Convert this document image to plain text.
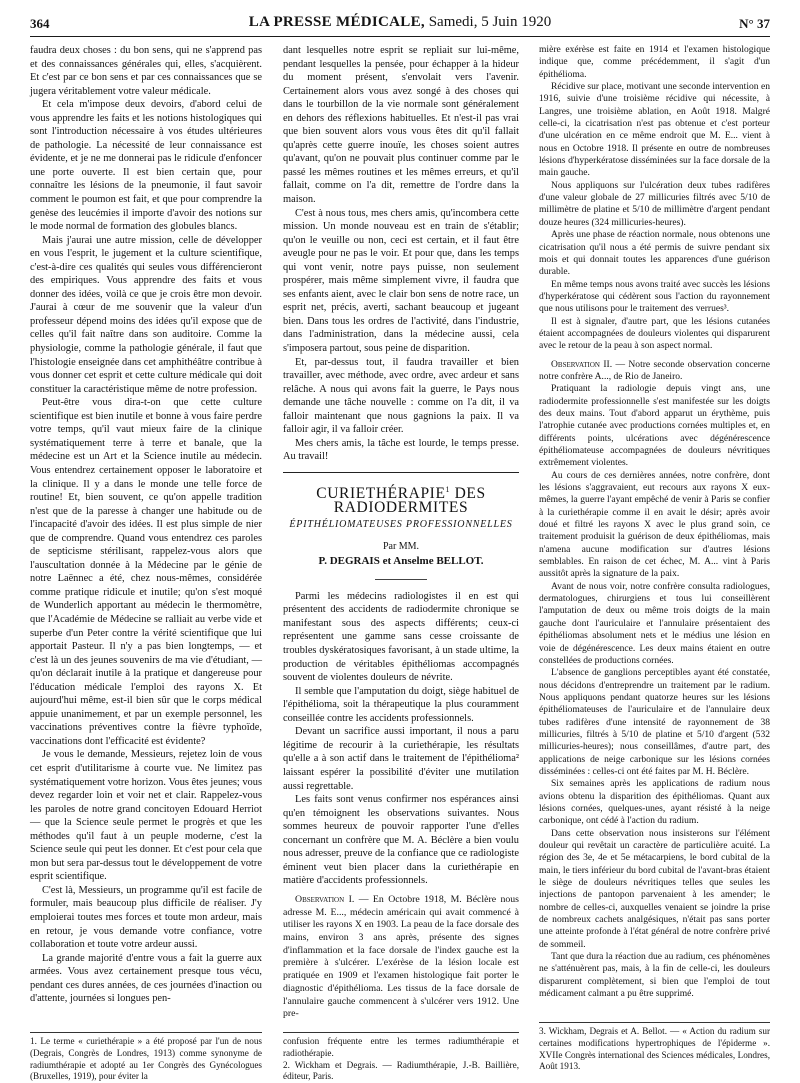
364	LA PRESSE MÉDICALE, Samedi, 5 Juin 1920	N° 37

faudra deux choses : du bon sens, qui ne s'apprend pas et des connaissances générales qui, elles, s'acquièrent. Et c'est par ce bon sens et par ces connaissances que se jugera véritablement votre valeur médicale.

Et cela m'impose deux devoirs, d'abord celui de vous apprendre les faits et les notions histologiques qui sont l'introduction nécessaire à vos études ultérieures de pathologie. La nécessité de leur connaissance est évidente, et je ne me donnerai pas le ridicule d'enfoncer une porte ouverte. Il est bien certain que, pour connaître les lésions de la pneumonie, il faut savoir comment le poumon est fait, et que pour comprendre la genèse des leucémies il importe d'avoir des notions sur le mode normal de formation des globules blancs.

Mais j'aurai une autre mission, celle de développer en vous l'esprit, le jugement et la culture scientifique, c'est-à-dire ces qualités qui seules vous différencieront des empiriques. Vous apprendre des faits et vous donner des idées, voilà ce que je crois être mon devoir. J'aurai à cœur de me souvenir que la valeur d'un professeur dépend moins des idées qu'il expose que de celles qu'il fait naître dans son auditoire. Comme la physiologie, comme la pathologie générale, il faut que l'histologie enseignée dans cet amphithéâtre contribue à vous donner cet esprit et cette culture médicale qui doit constituer la caractéristique même de notre profession.

Peut-être vous dira-t-on que cette culture scientifique est bien inutile et bonne à vous faire perdre votre temps, qu'il vaut mieux faire de la clinique systématiquement terre à terre et banale, que la médecine est un Art et la Science inutile au médecin. Vous entendrez certainement opposer le laboratoire et la clinique. Il y a dans le monde une telle force de routine! Et, bien souvent, ce qu'on appelle tradition n'est que de la paresse à changer une habitude ou de l'incapacité d'avoir des idées. Il est plus simple de nier que de comprendre. Quand vous entendrez ces paroles de septicisme stérilisant, rappelez-vous alors que l'auscultation donnée à la Médecine par le génie de notre Laënnec a été, chez nous-mêmes, considérée comme pratique ridicule et inutile; qu'on s'est moqué de Wunderlich apportant au médecin le thermomètre, que l'Académie de Médecine se ralliait au verbe vide et superbe d'un Peter contre la vérité scientifique que lui apportait Pasteur. Il n'y a pas bien longtemps, — et c'est là un des jeunes souvenirs de ma vie d'étudiant, — qu'on déclarait inutile à la pratique et dangereuse pour l'éducation médicale l'emploi des rayons X. Et aujourd'hui même, est-il bien sûr que le corps médical appuie unanimement, et par un exemple personnel, les vaccinations préventives contre la fièvre typhoïde, vaccinations dont l'efficacité est évidente?

Je vous le demande, Messieurs, rejetez loin de vous cet esprit d'utilitarisme à courte vue. Ne limitez pas systématiquement votre horizon. Vous êtes jeunes; vous devez regarder loin et voir net et clair. Rappelez-vous les paroles de notre grand concitoyen Edouard Herriot — que la Science seule permet le progrès et que les méthodes qu'il faut à un peuple moderne, c'est la Science seule qui peut les donner. Et c'est pour cela que mon but sera par-dessus tout le développement de votre esprit scientifique.

C'est là, Messieurs, un programme qu'il est facile de formuler, mais beaucoup plus difficile de réaliser. J'y emploierai toutes mes forces et toute mon ardeur, mais en retour, je vous demande votre confiance, votre collaboration et toute votre ardeur aussi.

La grande majorité d'entre vous a fait la guerre aux armées. Vous avez certainement presque tous vécu, pendant ces dures années, de ces journées d'inaction ou d'attente, journées si longues pen-

dant lesquelles notre esprit se repliait sur lui-même, pendant lesquelles la pensée, pour échapper à la hideur du moment présent, s'envolait vers l'avenir. Certainement alors vous avez songé à des choses qui dans le tourbillon de la vie normale sont généralement en dehors des réflexions habituelles. Et n'est-il pas vrai que bien souvent alors vous vous êtes dit qu'il fallait qu'après cette guerre inouïe, les choses soient autres qu'avant, qu'on ne pouvait plus continuer comme par le passé les mêmes routines et les mêmes erreurs, et qu'il fallait, comme on l'a dit, remettre de l'ordre dans la maison.

C'est à nous tous, mes chers amis, qu'incombera cette mission. Un monde nouveau est en train de s'établir; qu'on le veuille ou non, ceci est certain, et il faut être aveugle pour ne pas le voir. Et pour que, dans les temps qui vont venir, notre pays puisse, non seulement prospérer, mais même simplement vivre, il faudra que ses enfants aient, avec le clair bon sens de notre race, un esprit net, précis, averti, sachant beaucoup et jugeant bien. Dans tous les ordres de l'activité, dans l'industrie, dans l'administration, dans la médecine aussi, cela s'imposera partout, sous peine de disparition.

Et, par-dessus tout, il faudra travailler et bien travailler, avec méthode, avec ordre, avec ardeur et sans relâche. A nous qui avons fait la guerre, le Pays nous demande une tâche nouvelle : comme on l'a dit, il va falloir maintenant que nous gagnions la paix. Il va falloir agir, il va falloir créer.

Mes chers amis, la tâche est lourde, le temps presse. Au travail!

CURIETHÉRAPIE$^1$ DES RADIODERMITES
ÉPITHÉLIOMATEUSES PROFESSIONNELLES
Par MM.
P. DEGRAIS et Anselme BELLOT.

Parmi les médecins radiologistes il en est qui présentent des accidents de radiodermite chronique se manifestant sous des aspects différents; ceux-ci représentent une gamme sans cesse croissante de troubles dyskératosiques favorisant, à un stade ultime, la production de véritables épithéliomas accompagnés souvent de violentes douleurs de névrite.

Il semble que l'amputation du doigt, siège habituel de l'épithélioma, soit la thérapeutique la plus couramment conseillée contre les accidents professionnels.

Devant un sacrifice aussi important, il nous a paru légitime de recourir à la curiethérapie, les résultats qu'elle a à son actif dans le traitement de l'épithélioma² laissant espérer la possibilité d'éviter une mutilation aussi regrettable.

Les faits sont venus confirmer nos espérances ainsi qu'en témoignent les observations suivantes. Nous sommes heureux de pouvoir rapporter l'une d'elles concernant un confrère que M. A. Béclère a bien voulu nous adresser, preuve de la confiance que ce radiologiste éminent veut bien placer dans la curiethérapie en matière d'accidents professionnels.

Observation I. — En Octobre 1918, M. Béclère nous adresse M. E..., médecin américain qui avait commencé à utiliser les rayons X en 1903. La peau de la face dorsale des mains, environ 3 ans après, présente des signes d'inflammation et la face dorsale de l'index gauche est la première à s'ulcérer. L'exérèse de la lésion locale est pratiquée en 1909 et l'examen histologique fait porter le diagnostic d'épithélioma. Les tissus de la face dorsale de l'annulaire gauche commencent à s'ulcérer vers 1912. Une pre-

mière exérèse est faite en 1914 et l'examen histologique indique que, comme précédemment, il s'agit d'un épithélioma.

Récidive sur place, motivant une seconde intervention en 1916, suivie d'une troisième récidive qui nécessite, à Langres, une troisième ablation, en Août 1918. Malgré celle-ci, la cicatrisation n'est pas obtenue et c'est porteur d'une ulcération en ce même endroit que M. E... vient à nous en Octobre 1918. Il présente en outre de nombreuses lésions d'hyperkératose disséminées sur la face dorsale de la main gauche.

Nous appliquons sur l'ulcération deux tubes radifères d'une valeur globale de 27 millicuries filtrés avec 5/10 de millimètre de platine et 5/10 de millimètre d'argent pendant douze heures (324 millicuries-heures).

Après une phase de réaction normale, nous obtenons une cicatrisation qu'il nous a été permis de suivre pendant six mois et qui donnait toutes les apparences d'une guérison durable.

En même temps nous avons traité avec succès les lésions d'hyperkératose qui cédèrent sous l'action du rayonnement que nous utilisons pour le traitement des verrues³.

Il est à signaler, d'autre part, que les lésions cutanées étaient accompagnées de douleurs violentes qui disparurent avec le retour de la peau à son aspect normal.

Observation II. — Notre seconde observation concerne notre confrère A..., de Rio de Janeiro.

Pratiquant la radiologie depuis vingt ans, une radiodermite professionnelle s'est manifestée sur les doigts des deux mains. Tout d'abord apparut un érythème, puis l'atrophie cutanée avec productions cornées multiples et, en différents points, ulcérations avec dégénérescence épithéliomateuse accompagnées de douleurs névritiques extrêmement violentes.

Au cours de ces dernières années, notre confrère, dont les lésions s'aggravaient, eut recours aux rayons X eux-mêmes, la guerre l'ayant empêché de venir à Paris se confier à la curiethérapie comme il en avait le désir; après avoir doué et filtré les rayons X avec le plus grand soin, ce traitement produisit la guérison de deux épithéliomas, mais n'amena aucune modification sur d'autres lésions semblables. En raison de cet échec, M. A... vint à Paris aussitôt après la signature de la paix.

Avant de nous voir, notre confrère consulta radiologues, dermatologues, chirurgiens et tous lui conseillèrent l'amputation de deux ou même trois doigts de la main gauche dont l'auriculaire et l'annulaire présentaient des épithéliomas absolument nets et le médius une lésion en voie de dégénérescence. Les deux mains étaient en outre constellées de productions cornées.

L'absence de ganglions perceptibles ayant été constatée, nous décidons d'entreprendre un traitement par le radium. Nous appliquons pendant quatorze heures sur les lésions épithéliomateuses de l'auriculaire et de l'annulaire deux tubes radifères d'une intensité de rayonnement de 38 millicuries, filtrés à 5/10 de platine et 5/10 d'argent (532 millicuries-heures); nous conseillâmes, d'autre part, des applications de neige carbonique sur les lésions cornées disséminées : celles-ci ont été faites par M. H. Béclère.

Six semaines après les applications de radium nous avions obtenu la disparition des épithéliomas. Quant aux lésions cornées, quelques-unes, ayant résisté à la neige carbonique, ont cédé à l'action du radium.

Dans cette observation nous insisterons sur l'élément douleur qui revêtait un caractère de particulière acuité. La région des 3e, 4e et 5e métacarpiens, le bord cubital de la main, le tiers inférieur du bord cubital de l'avant-bras étaient le siège de douleurs névritiques telles que seules les injections de pantopon parvenaient à les amender; le nombre de celles-ci, auxquelles venaient se joindre la prise de nombreux cachets analgésiques, n'était pas sans porter une atteinte profonde à l'état général de notre confrère privé de sommeil.

Tant que dura la réaction due au radium, ces phénomènes ne s'atténuèrent pas, mais, à la fin de celle-ci, les douleurs disparurent complètement, si bien que l'emploi de tout médicament calmant a pu être supprimé.

1. Le terme « curiethérapie » a été proposé par l'un de nous (Degrais, Congrès de Londres, 1913) comme synonyme de radiumthérapie et adopté au 1er Congrès des Gynécologues (Bruxelles, 1919), pour éviter la

confusion fréquente entre les termes radiumthérapie et radiothérapie.

2. Wickham et Degrais. — Radiumthérapie, J.-B. Baillière, éditeur, Paris.

3. Wickham, Degrais et A. Bellot. — « Action du radium sur certaines modifications hypertrophiques de l'épiderme ». XVIIe Congrès international des Sciences médicales, Londres, Août 1913.
